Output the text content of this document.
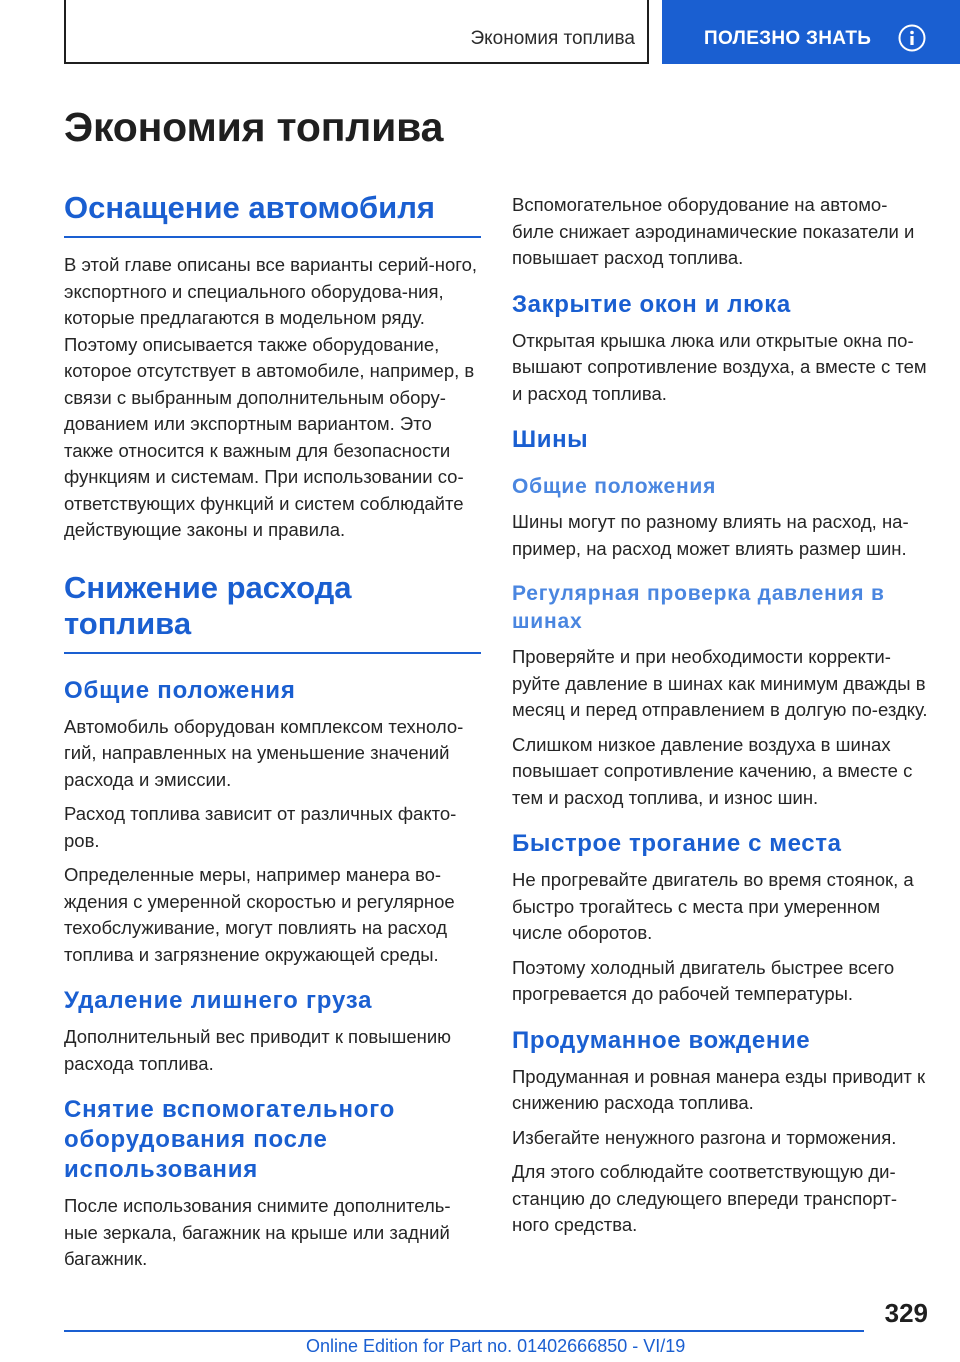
Экономия топлива	ПОЛЕЗНО ЗНАТЬ
Экономия топлива
Оснащение автомобиля

В этой главе описаны все варианты серий-ного, экспортного и специального оборудова-ния, которые предлагаются в модельном ряду. Поэтому описывается также оборудование, которое отсутствует в автомобиле, например, в связи с выбранным дополнительным обору-дованием или экспортным вариантом. Это также относится к важным для безопасности функциям и системам. При использовании со-ответствующих функций и систем соблюдайте действующие законы и правила.

Снижение расхода
топлива
Общие положения

Автомобиль оборудован комплексом техноло-гий, направленных на уменьшение значений расхода и эмиссии.

Расход топлива зависит от различных факто-ров.

Определенные меры, например манера во-ждения с умеренной скоростью и регулярное техобслуживание, могут повлиять на расход топлива и загрязнение окружающей среды.

Удаление лишнего груза

Дополнительный вес приводит к повышению расхода топлива.

Снятие вспомогательного
оборудования после
использования

После использования снимите дополнитель-ные зеркала, багажник на крыше или задний багажник.

Вспомогательное оборудование на автомо-биле снижает аэродинамические показатели и повышает расход топлива.

Закрытие окон и люка

Открытая крышка люка или открытые окна по-вышают сопротивление воздуха, а вместе с тем и расход топлива.

Шины
Общие положения

Шины могут по разному влиять на расход, на-пример, на расход может влиять размер шин.

Регулярная проверка давления в
шинах

Проверяйте и при необходимости корректи-руйте давление в шинах как минимум дважды в месяц и перед отправлением в долгую по-ездку.

Слишком низкое давление воздуха в шинах повышает сопротивление качению, а вместе с тем и расход топлива, и износ шин.

Быстрое трогание с места

Не прогревайте двигатель во время стоянок, а быстро трогайтесь с места при умеренном числе оборотов.

Поэтому холодный двигатель быстрее всего прогревается до рабочей температуры.

Продуманное вождение

Продуманная и ровная манера езды приводит к снижению расхода топлива.

Избегайте ненужного разгона и торможения.

Для этого соблюдайте соответствующую ди-станцию до следующего впереди транспорт-ного средства.

329
Online Edition for Part no. 01402666850 - VI/19
